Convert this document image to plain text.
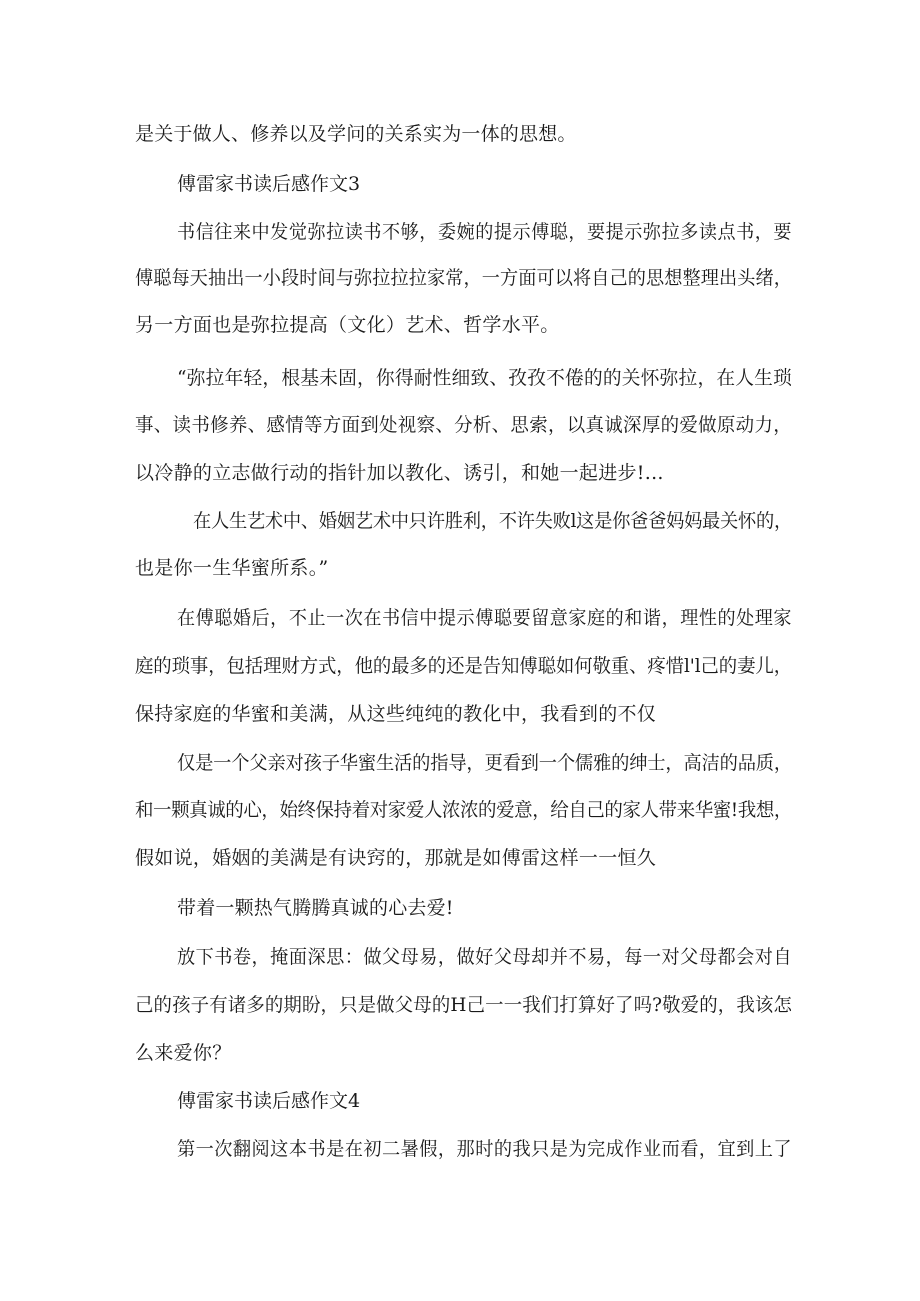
是关于做人、修养以及学问的关系实为一体的思想。
傅雷家书读后感作文3
书信往来中发觉弥拉读书不够，委婉的提示傅聪，要提示弥拉多读点书，要
傅聪每天抽出一小段时间与弥拉拉拉家常，一方面可以将自己的思想整理出头绪，
另一方面也是弥拉提高（文化）艺术、哲学水平。
“弥拉年轻，根基未固，你得耐性细致、孜孜不倦的的关怀弥拉，在人生琐
事、读书修养、感情等方面到处视察、分析、思索，以真诚深厚的爱做原动力，
以冷静的立志做行动的指针加以教化、诱引，和她一起进步!...
在人生艺术中、婚姻艺术中只许胜利，不许失败l这是你爸爸妈妈最关怀的，
也是你一生华蜜所系。”
在傅聪婚后，不止一次在书信中提示傅聪要留意家庭的和谐，理性的处理家
庭的琐事，包括理财方式，他的最多的还是告知傅聪如何敬重、疼惜l'l己的妻儿，
保持家庭的华蜜和美满，从这些纯纯的教化中，我看到的不仅
仅是一个父亲对孩子华蜜生活的指导，更看到一个儒雅的绅士，高洁的品质，
和一颗真诚的心，始终保持着对家爱人浓浓的爱意，给自己的家人带来华蜜!我想，
假如说，婚姻的美满是有诀窍的，那就是如傅雷这样一一恒久
带着一颗热气腾腾真诚的心去爱!
放下书卷，掩面深思：做父母易，做好父母却并不易，每一对父母都会对自
己的孩子有诸多的期盼，只是做父母的H己一一我们打算好了吗?敬爱的，我该怎
么来爱你？
傅雷家书读后感作文4
第一次翻阅这本书是在初二暑假，那时的我只是为完成作业而看，宜到上了
